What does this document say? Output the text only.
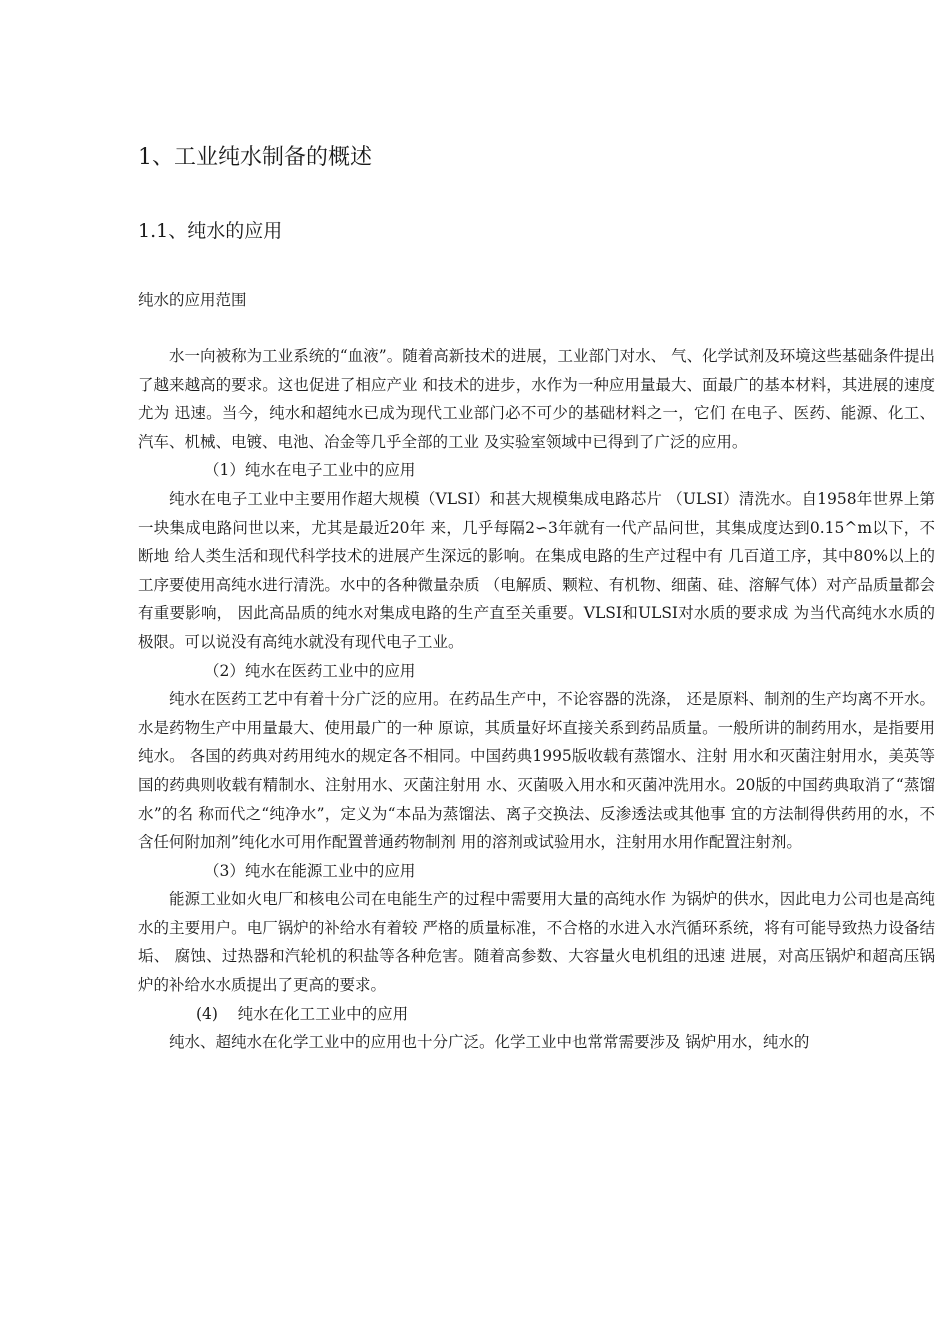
1、工业纯水制备的概述
1.1、纯水的应用
纯水的应用范围

水一向被称为工业系统的“血液”。随着高新技术的进展，工业部门对水、 气、化学试剂及环境这些基础条件提出了越来越高的要求。这也促进了相应产业 和技术的进步，水作为一种应用量最大、面最广的基本材料，其进展的速度尤为 迅速。当今，纯水和超纯水已成为现代工业部门必不可少的基础材料之一，它们 在电子、医药、能源、化工、汽车、机械、电镀、电池、冶金等几乎全部的工业 及实验室领域中已得到了广泛的应用。

（1）纯水在电子工业中的应用

纯水在电子工业中主要用作超大规模（VLSI）和甚大规模集成电路芯片 （ULSI）清洗水。自1958年世界上第一块集成电路问世以来，尤其是最近20年 来，几乎每隔2∽3年就有一代产品问世，其集成度达到0.15^m以下，不断地 给人类生活和现代科学技术的进展产生深远的影响。在集成电路的生产过程中有 几百道工序，其中80%以上的工序要使用高纯水进行清洗。水中的各种微量杂质 （电解质、颗粒、有机物、细菌、硅、溶解气体）对产品质量都会有重要影响， 因此高品质的纯水对集成电路的生产直至关重要。VLSI和ULSI对水质的要求成 为当代高纯水水质的极限。可以说没有高纯水就没有现代电子工业。

（2）纯水在医药工业中的应用

纯水在医药工艺中有着十分广泛的应用。在药品生产中，不论容器的洗涤， 还是原料、制剂的生产均离不开水。水是药物生产中用量最大、使用最广的一种 原谅，其质量好坏直接关系到药品质量。一般所讲的制药用水，是指要用纯水。 各国的药典对药用纯水的规定各不相同。中国药典1995版收载有蒸馏水、注射 用水和灭菌注射用水，美英等国的药典则收载有精制水、注射用水、灭菌注射用 水、灭菌吸入用水和灭菌冲洗用水。20版的中国药典取消了“蒸馏水”的名 称而代之“纯净水”，定义为“本品为蒸馏法、离子交换法、反渗透法或其他事 宜的方法制得供药用的水，不含任何附加剂”纯化水可用作配置普通药物制剂 用的溶剂或试验用水，注射用水用作配置注射剂。

（3）纯水在能源工业中的应用

能源工业如火电厂和核电公司在电能生产的过程中需要用大量的高纯水作 为锅炉的供水，因此电力公司也是高纯水的主要用户。电厂锅炉的补给水有着较 严格的质量标准，不合格的水进入水汽循环系统，将有可能导致热力设备结垢、 腐蚀、过热器和汽轮机的积盐等各种危害。随着高参数、大容量火电机组的迅速 进展，对高压锅炉和超高压锅炉的补给水水质提出了更高的要求。

(4)    纯水在化工工业中的应用

纯水、超纯水在化学工业中的应用也十分广泛。化学工业中也常常需要涉及 锅炉用水，纯水的
